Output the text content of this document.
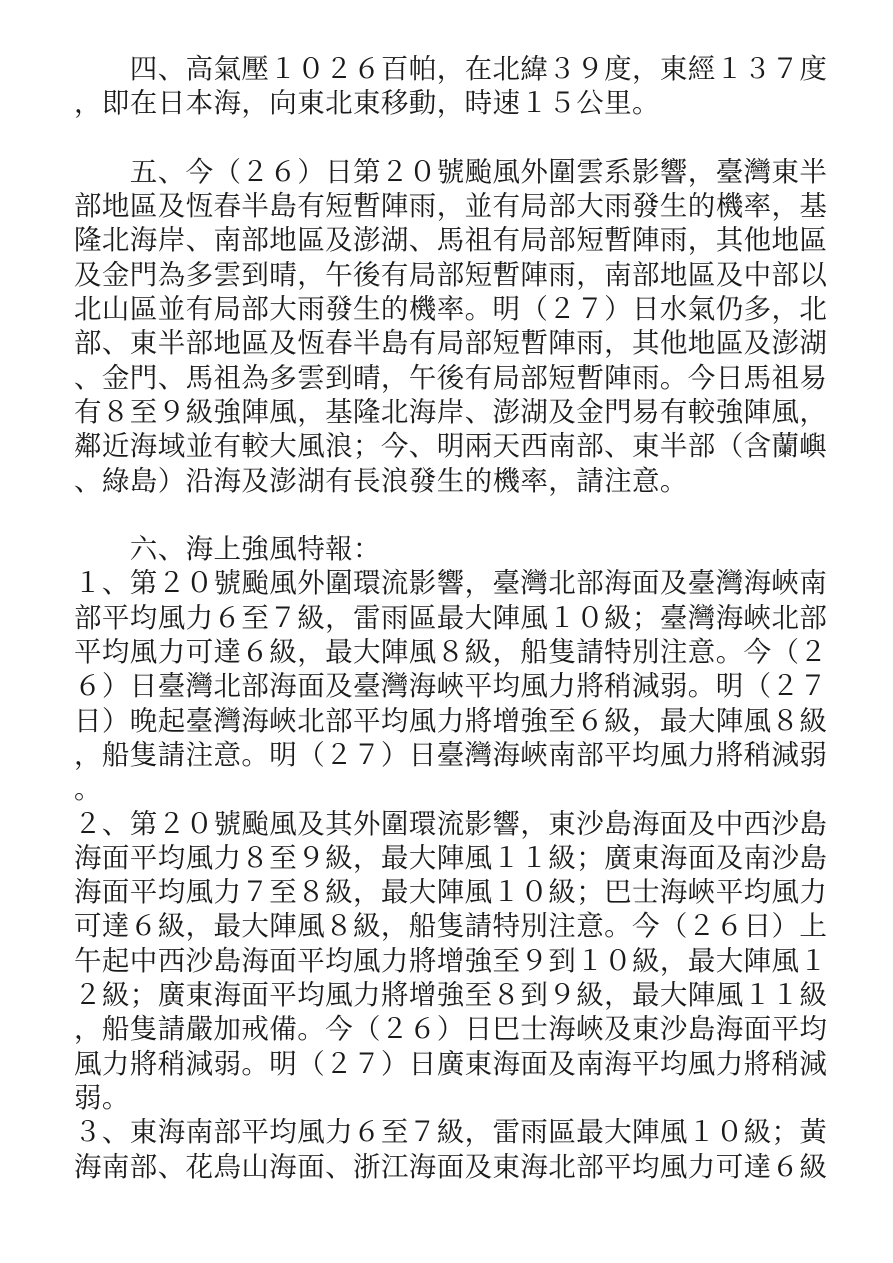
　　四、高氣壓１０２６百帕，在北緯３９度，東經１３７度
，即在日本海，向東北東移動，時速１５公里。
　　五、今（２６）日第２０號颱風外圍雲系影響，臺灣東半
部地區及恆春半島有短暫陣雨，並有局部大雨發生的機率，基
隆北海岸、南部地區及澎湖、馬祖有局部短暫陣雨，其他地區
及金門為多雲到晴，午後有局部短暫陣雨，南部地區及中部以
北山區並有局部大雨發生的機率。明（２７）日水氣仍多，北
部、東半部地區及恆春半島有局部短暫陣雨，其他地區及澎湖
、金門、馬祖為多雲到晴，午後有局部短暫陣雨。今日馬祖易
有８至９級強陣風，基隆北海岸、澎湖及金門易有較強陣風，
鄰近海域並有較大風浪；今、明兩天西南部、東半部（含蘭嶼
、綠島）沿海及澎湖有長浪發生的機率，請注意。
　　六、海上強風特報：
１、第２０號颱風外圍環流影響，臺灣北部海面及臺灣海峽南
部平均風力６至７級，雷雨區最大陣風１０級；臺灣海峽北部
平均風力可達６級，最大陣風８級，船隻請特別注意。今（２
６）日臺灣北部海面及臺灣海峽平均風力將稍減弱。明（２７
日）晚起臺灣海峽北部平均風力將增強至６級，最大陣風８級
，船隻請注意。明（２７）日臺灣海峽南部平均風力將稍減弱
。
２、第２０號颱風及其外圍環流影響，東沙島海面及中西沙島
海面平均風力８至９級，最大陣風１１級；廣東海面及南沙島
海面平均風力７至８級，最大陣風１０級；巴士海峽平均風力
可達６級，最大陣風８級，船隻請特別注意。今（２６日）上
午起中西沙島海面平均風力將增強至９到１０級，最大陣風１
２級；廣東海面平均風力將增強至８到９級，最大陣風１１級
，船隻請嚴加戒備。今（２６）日巴士海峽及東沙島海面平均
風力將稍減弱。明（２７）日廣東海面及南海平均風力將稍減
弱。
３、東海南部平均風力６至７級，雷雨區最大陣風１０級；黃
海南部、花鳥山海面、浙江海面及東海北部平均風力可達６級
